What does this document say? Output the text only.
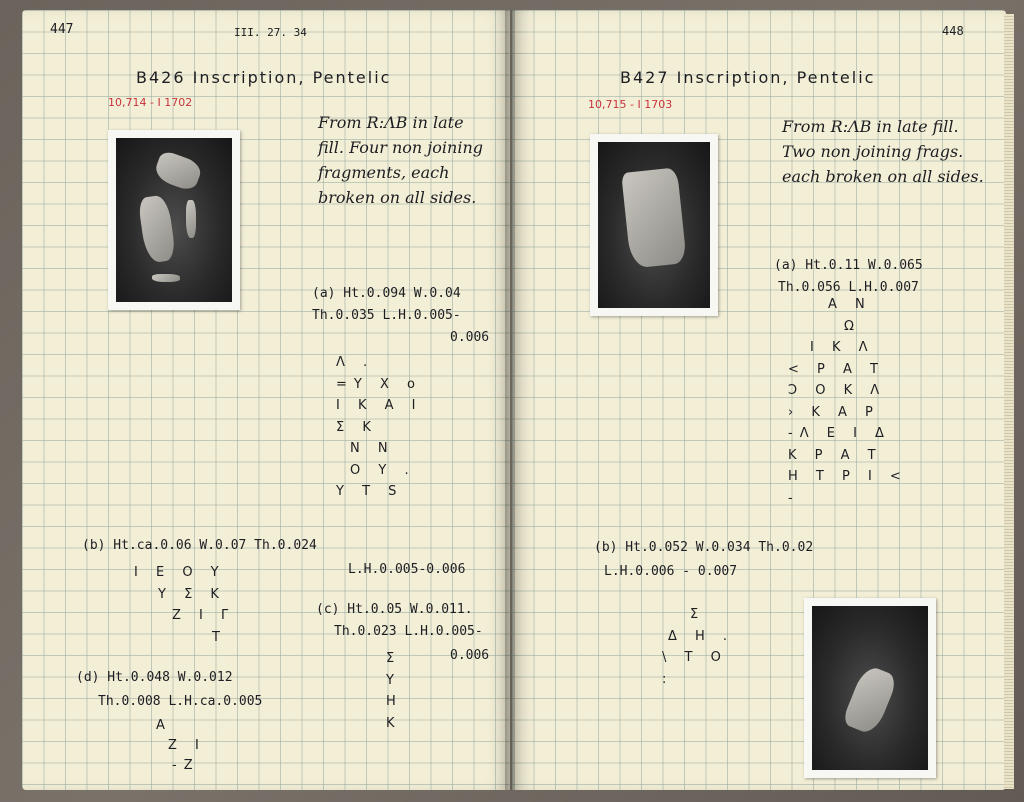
447	III. 27. 34
B426 Inscription, Pentelic
10,714 - I 1702
From R:ΛB in late fill. Four non joining fragments, each broken on all sides.
(a) Ht.0.094 W.0.04
Th.0.035 L.H.0.005-
0.006
Λ .
=Y X o
I K A I
Σ K
N N
O Y .
Y T S
(b) Ht.ca.0.06 W.0.07 Th.0.024
L.H.0.005-0.006
I E O Y
Y Σ K
Z I Γ
T
(c) Ht.0.05 W.0.011.
Th.0.023 L.H.0.005-
0.006
Σ
Y
H
K
(d) Ht.0.048 W.0.012
Th.0.008 L.H.ca.0.005
A
Z I
-Z
448
B427 Inscription, Pentelic
10,715 - I 1703
From R:ΛB in late fill. Two non joining frags. each broken on all sides.
(a) Ht.0.11 W.0.065
Th.0.056 L.H.0.007
A N
Ω
I K Λ
< P A T
Ↄ O K Λ
› K A P
-Λ E I Δ
K P A T
H T P I <
-
(b) Ht.0.052 W.0.034 Th.0.02
L.H.0.006 - 0.007
Σ
Δ H .
\ T O
:
